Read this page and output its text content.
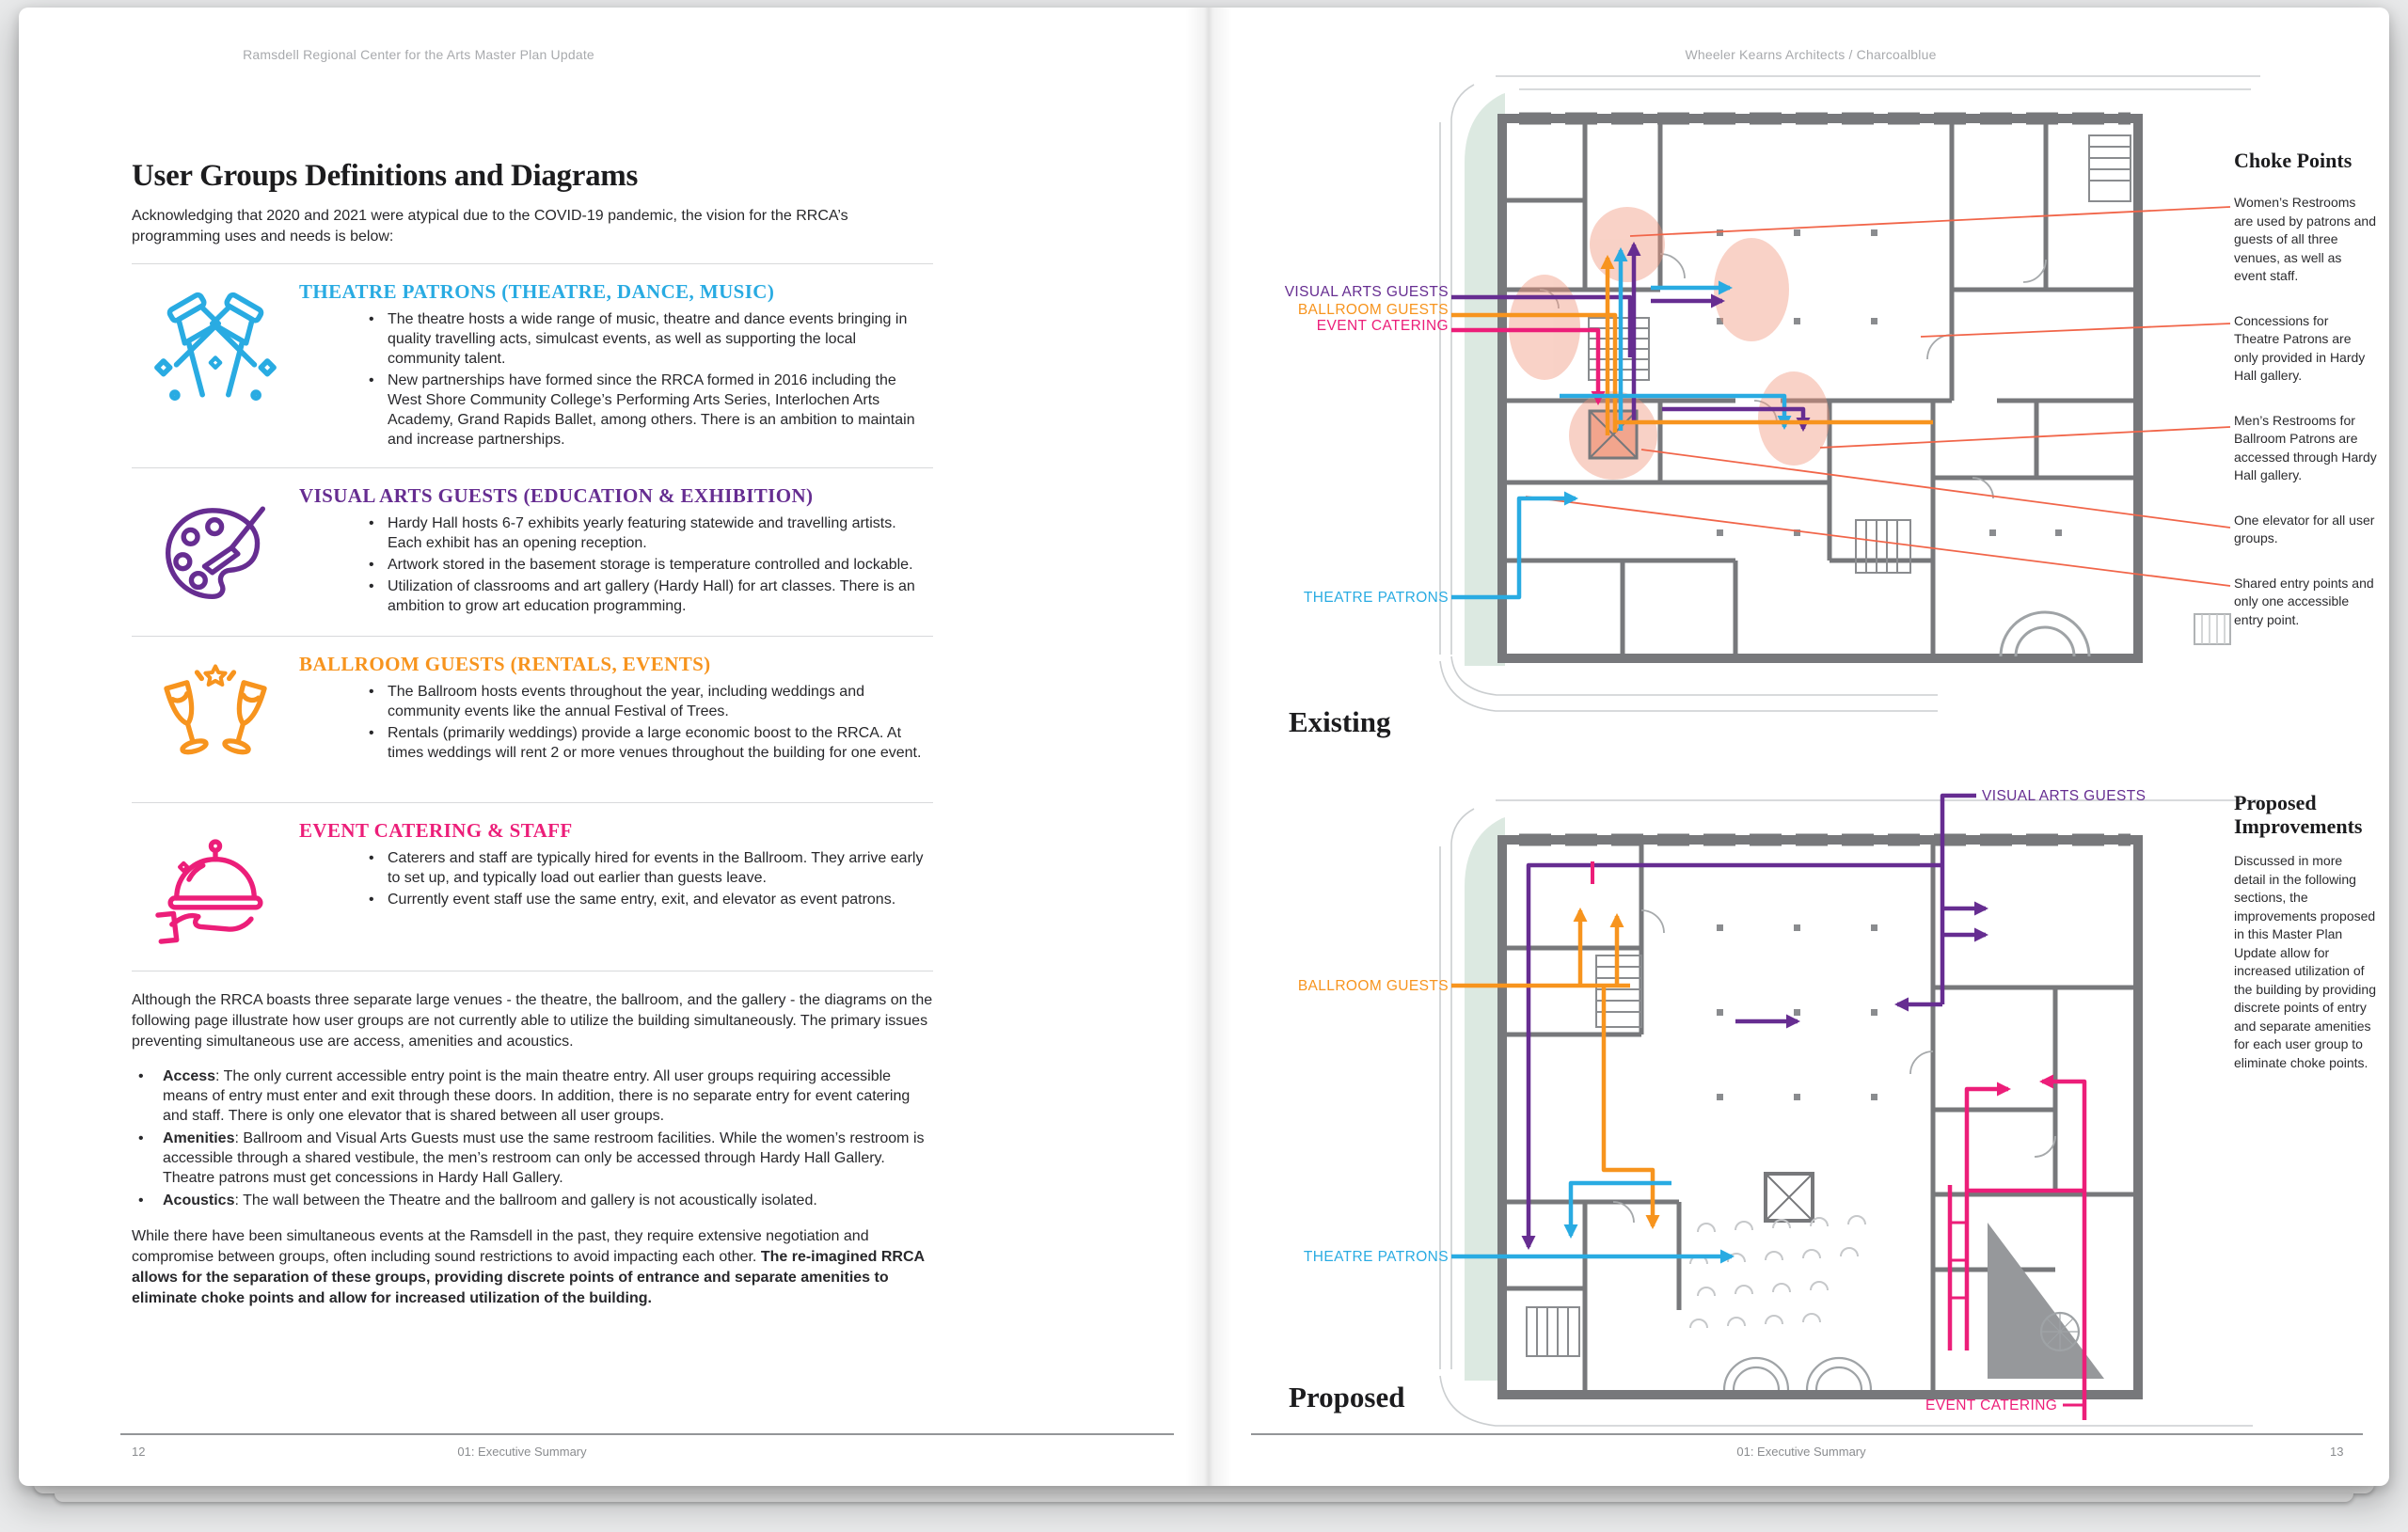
Ramsdell Regional Center for the Arts Master Plan Update
User Groups Definitions and Diagrams

Acknowledging that 2020 and 2021 were atypical due to the COVID-19 pandemic, the vision for the RRCA’s programming uses and needs is below:

THEATRE PATRONS (THEATRE, DANCE, MUSIC)
• The theatre hosts a wide range of music, theatre and dance events bringing in quality travelling acts, simulcast events, as well as supporting the local community talent.
• New partnerships have formed since the RRCA formed in 2016 including the West Shore Community College’s Performing Arts Series, Interlochen Arts Academy, Grand Rapids Ballet, among others. There is an ambition to maintain and increase partnerships.
VISUAL ARTS GUESTS (EDUCATION & EXHIBITION)
• Hardy Hall hosts 6-7 exhibits yearly featuring statewide and travelling artists. Each exhibit has an opening reception.
• Artwork stored in the basement storage is temperature controlled and lockable.
• Utilization of classrooms and art gallery (Hardy Hall) for art classes. There is an ambition to grow art education programming.
BALLROOM GUESTS (RENTALS, EVENTS)
• The Ballroom hosts events throughout the year, including weddings and community events like the annual Festival of Trees.
• Rentals (primarily weddings) provide a large economic boost to the RRCA. At times weddings will rent 2 or more venues throughout the building for one event.
EVENT CATERING & STAFF
• Caterers and staff are typically hired for events in the Ballroom. They arrive early to set up, and typically load out earlier than guests leave.
• Currently event staff use the same entry, exit, and elevator as event patrons.

Although the RRCA boasts three separate large venues - the theatre, the ballroom, and the gallery - the diagrams on the following page illustrate how user groups are not currently able to utilize the building simultaneously. The primary issues preventing simultaneous use are access, amenities and acoustics.

• Access: The only current accessible entry point is the main theatre entry. All user groups requiring accessible means of entry must enter and exit through these doors. In addition, there is no separate entry for event catering and staff. There is only one elevator that is shared between all user groups.
• Amenities: Ballroom and Visual Arts Guests must use the same restroom facilities. While the women’s restroom is accessible through a shared vestibule, the men’s restroom can only be accessed through Hardy Hall Gallery. Theatre patrons must get concessions in Hardy Hall Gallery.
• Acoustics: The wall between the Theatre and the ballroom and gallery is not acoustically isolated.

While there have been simultaneous events at the Ramsdell in the past, they require extensive negotiation and compromise between groups, often including sound restrictions to avoid impacting each other. The re-imagined RRCA allows for the separation of these groups, providing discrete points of entrance and separate amenities to eliminate choke points and allow for increased utilization of the building.

12	01: Executive Summary
Wheeler Kearns Architects / Charcoalblue
VISUAL ARTS GUESTS
BALLROOM GUESTS
EVENT CATERING
THEATRE PATRONS
Existing
Choke Points
Women’s Restrooms are used by patrons and guests of all three venues, as well as event staff.
Concessions for Theatre Patrons are only provided in Hardy Hall gallery.
Men’s Restrooms for Ballroom Patrons are accessed through Hardy Hall gallery.
One elevator for all user groups.
Shared entry points and only one accessible entry point.
VISUAL ARTS GUESTS
BALLROOM GUESTS
THEATRE PATRONS
EVENT CATERING
Proposed
Proposed Improvements
Discussed in more detail in the following sections, the improvements proposed in this Master Plan Update allow for increased utilization of the building by providing discrete points of entry and separate amenities for each user group to eliminate choke points.
01: Executive Summary	13
